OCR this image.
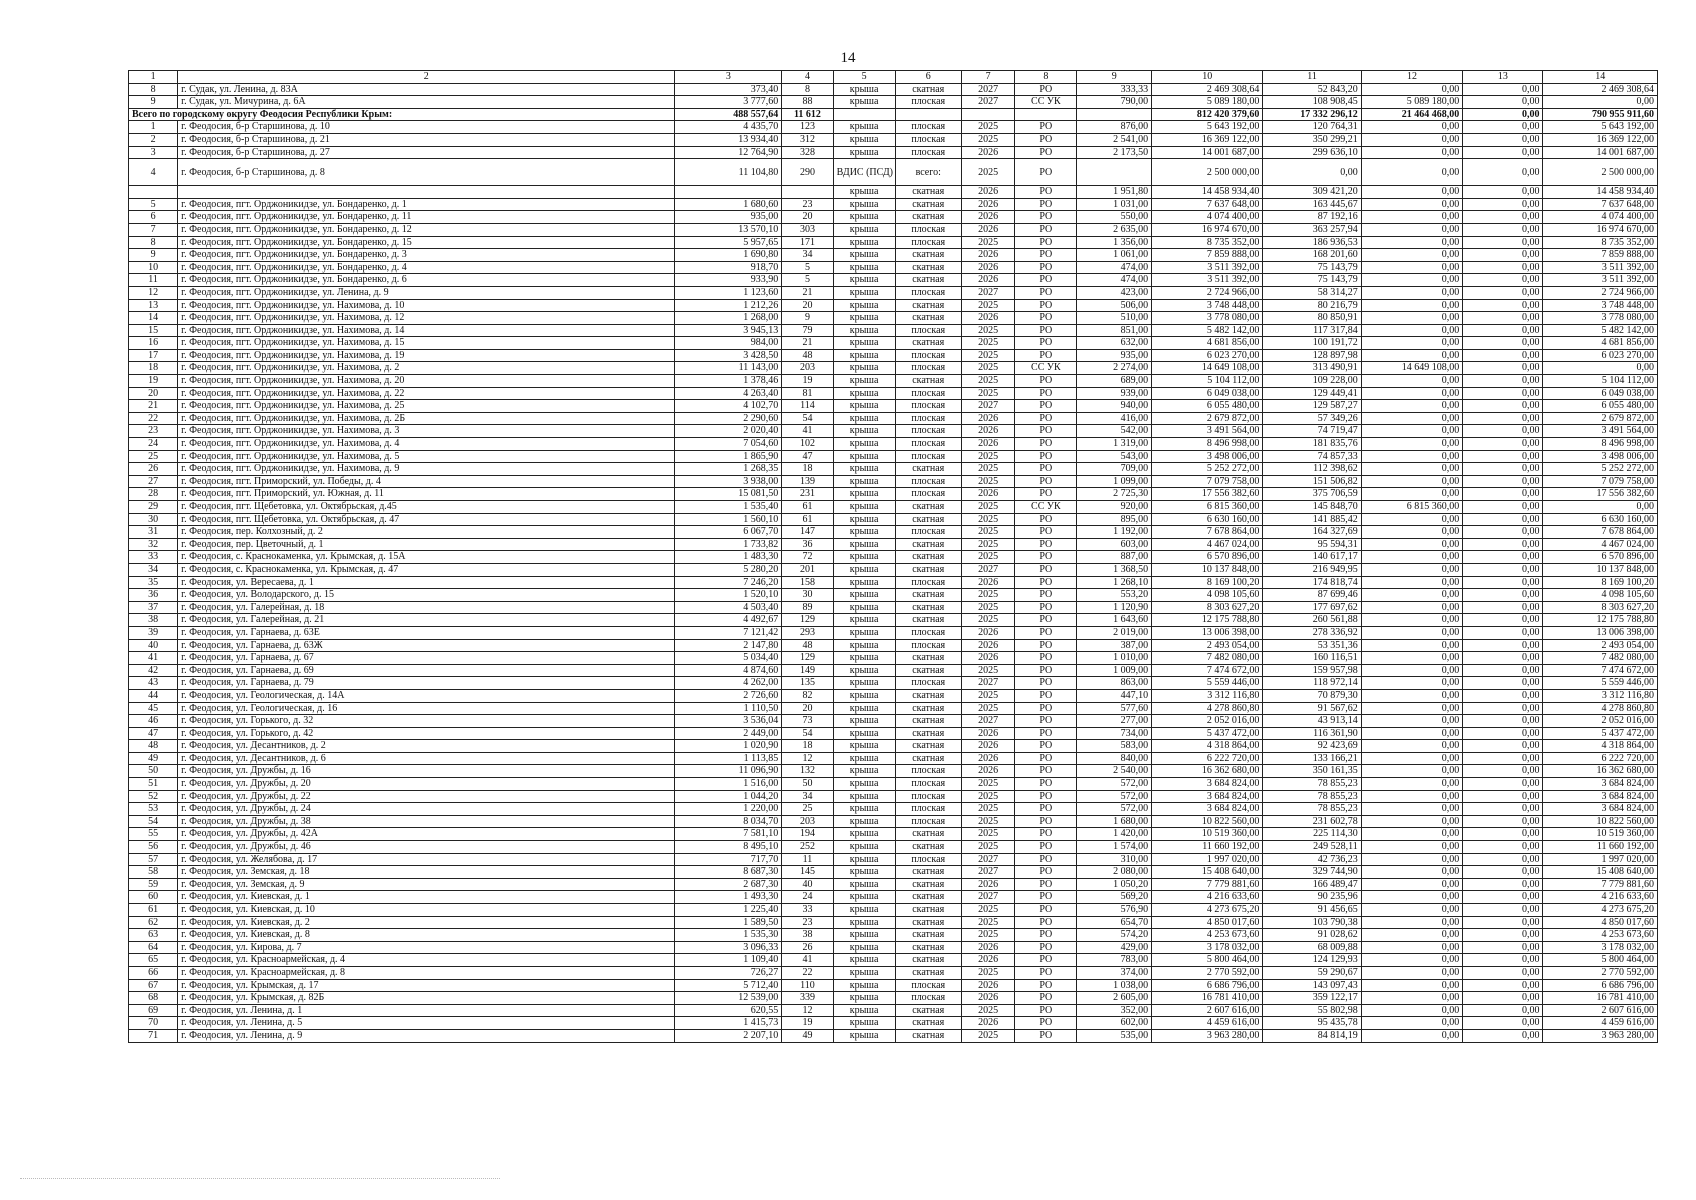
14
1	2	3	4	5	6	7	8	9	10	11	12	13	14
8	г. Судак, ул. Ленина, д. 83А	373,40	8	крыша	скатная	2027	РО	333,33	2 469 308,64	52 843,20	0,00	0,00	2 469 308,64
9	г. Судак, ул. Мичурина, д. 6А	3 777,60	88	крыша	плоская	2027	СС УК	790,00	5 089 180,00	108 908,45	5 089 180,00	0,00	0,00
Всего по городскому округу Феодосия Республики Крым:		488 557,64	11 612						812 420 379,60	17 332 296,12	21 464 468,00	0,00	790 955 911,60
1	г. Феодосия, б-р Старшинова, д. 10	4 435,70	123	крыша	плоская	2025	РО	876,00	5 643 192,00	120 764,31	0,00	0,00	5 643 192,00
2	г. Феодосия, б-р Старшинова, д. 21	13 934,40	312	крыша	плоская	2025	РО	2 541,00	16 369 122,00	350 299,21	0,00	0,00	16 369 122,00
3	г. Феодосия, б-р Старшинова, д. 27	12 764,90	328	крыша	плоская	2026	РО	2 173,50	14 001 687,00	299 636,10	0,00	0,00	14 001 687,00
4	г. Феодосия, б-р Старшинова, д. 8	11 104,80	290	ВДИС (ПСД)	всего:	2025	РО		2 500 000,00	0,00	0,00	0,00	2 500 000,00
				крыша	скатная	2026	РО	1 951,80	14 458 934,40	309 421,20	0,00	0,00	14 458 934,40
5	г. Феодосия, пгт. Орджоникидзе, ул. Бондаренко, д. 1	1 680,60	23	крыша	скатная	2026	РО	1 031,00	7 637 648,00	163 445,67	0,00	0,00	7 637 648,00
6	г. Феодосия, пгт. Орджоникидзе, ул. Бондаренко, д. 11	935,00	20	крыша	скатная	2026	РО	550,00	4 074 400,00	87 192,16	0,00	0,00	4 074 400,00
7	г. Феодосия, пгт. Орджоникидзе, ул. Бондаренко, д. 12	13 570,10	303	крыша	плоская	2026	РО	2 635,00	16 974 670,00	363 257,94	0,00	0,00	16 974 670,00
8	г. Феодосия, пгт. Орджоникидзе, ул. Бондаренко, д. 15	5 957,65	171	крыша	плоская	2025	РО	1 356,00	8 735 352,00	186 936,53	0,00	0,00	8 735 352,00
9	г. Феодосия, пгт. Орджоникидзе, ул. Бондаренко, д. 3	1 690,80	34	крыша	скатная	2026	РО	1 061,00	7 859 888,00	168 201,60	0,00	0,00	7 859 888,00
10	г. Феодосия, пгт. Орджоникидзе, ул. Бондаренко, д. 4	918,70	5	крыша	скатная	2026	РО	474,00	3 511 392,00	75 143,79	0,00	0,00	3 511 392,00
11	г. Феодосия, пгт. Орджоникидзе, ул. Бондаренко, д. 6	933,90	5	крыша	скатная	2026	РО	474,00	3 511 392,00	75 143,79	0,00	0,00	3 511 392,00
12	г. Феодосия, пгт. Орджоникидзе, ул. Ленина, д. 9	1 123,60	21	крыша	плоская	2027	РО	423,00	2 724 966,00	58 314,27	0,00	0,00	2 724 966,00
13	г. Феодосия, пгт. Орджоникидзе, ул. Нахимова, д. 10	1 212,26	20	крыша	скатная	2025	РО	506,00	3 748 448,00	80 216,79	0,00	0,00	3 748 448,00
14	г. Феодосия, пгт. Орджоникидзе, ул. Нахимова, д. 12	1 268,00	9	крыша	скатная	2026	РО	510,00	3 778 080,00	80 850,91	0,00	0,00	3 778 080,00
15	г. Феодосия, пгт. Орджоникидзе, ул. Нахимова, д. 14	3 945,13	79	крыша	плоская	2025	РО	851,00	5 482 142,00	117 317,84	0,00	0,00	5 482 142,00
16	г. Феодосия, пгт. Орджоникидзе, ул. Нахимова, д. 15	984,00	21	крыша	скатная	2025	РО	632,00	4 681 856,00	100 191,72	0,00	0,00	4 681 856,00
17	г. Феодосия, пгт. Орджоникидзе, ул. Нахимова, д. 19	3 428,50	48	крыша	плоская	2025	РО	935,00	6 023 270,00	128 897,98	0,00	0,00	6 023 270,00
18	г. Феодосия, пгт. Орджоникидзе, ул. Нахимова, д. 2	11 143,00	203	крыша	плоская	2025	СС УК	2 274,00	14 649 108,00	313 490,91	14 649 108,00	0,00	0,00
19	г. Феодосия, пгт. Орджоникидзе, ул. Нахимова, д. 20	1 378,46	19	крыша	скатная	2025	РО	689,00	5 104 112,00	109 228,00	0,00	0,00	5 104 112,00
20	г. Феодосия, пгт. Орджоникидзе, ул. Нахимова, д. 22	4 263,40	81	крыша	плоская	2025	РО	939,00	6 049 038,00	129 449,41	0,00	0,00	6 049 038,00
21	г. Феодосия, пгт. Орджоникидзе, ул. Нахимова, д. 25	4 102,70	114	крыша	плоская	2027	РО	940,00	6 055 480,00	129 587,27	0,00	0,00	6 055 480,00
22	г. Феодосия, пгт. Орджоникидзе, ул. Нахимова, д. 2Б	2 290,60	54	крыша	плоская	2026	РО	416,00	2 679 872,00	57 349,26	0,00	0,00	2 679 872,00
23	г. Феодосия, пгт. Орджоникидзе, ул. Нахимова, д. 3	2 020,40	41	крыша	плоская	2026	РО	542,00	3 491 564,00	74 719,47	0,00	0,00	3 491 564,00
24	г. Феодосия, пгт. Орджоникидзе, ул. Нахимова, д. 4	7 054,60	102	крыша	плоская	2026	РО	1 319,00	8 496 998,00	181 835,76	0,00	0,00	8 496 998,00
25	г. Феодосия, пгт. Орджоникидзе, ул. Нахимова, д. 5	1 865,90	47	крыша	плоская	2025	РО	543,00	3 498 006,00	74 857,33	0,00	0,00	3 498 006,00
26	г. Феодосия, пгт. Орджоникидзе, ул. Нахимова, д. 9	1 268,35	18	крыша	скатная	2025	РО	709,00	5 252 272,00	112 398,62	0,00	0,00	5 252 272,00
27	г. Феодосия, пгт. Приморский, ул. Победы, д. 4	3 938,00	139	крыша	плоская	2025	РО	1 099,00	7 079 758,00	151 506,82	0,00	0,00	7 079 758,00
28	г. Феодосия, пгт. Приморский, ул. Южная, д. 11	15 081,50	231	крыша	плоская	2026	РО	2 725,30	17 556 382,60	375 706,59	0,00	0,00	17 556 382,60
29	г. Феодосия, пгт. Щебетовка, ул. Октябрьская, д.45	1 535,40	61	крыша	скатная	2025	СС УК	920,00	6 815 360,00	145 848,70	6 815 360,00	0,00	0,00
30	г. Феодосия, пгт. Щебетовка, ул. Октябрьская, д. 47	1 560,10	61	крыша	скатная	2025	РО	895,00	6 630 160,00	141 885,42	0,00	0,00	6 630 160,00
31	г. Феодосия, пер. Колхозный, д. 2	6 067,70	147	крыша	плоская	2025	РО	1 192,00	7 678 864,00	164 327,69	0,00	0,00	7 678 864,00
32	г. Феодосия, пер. Цветочный, д. 1	1 733,82	36	крыша	скатная	2025	РО	603,00	4 467 024,00	95 594,31	0,00	0,00	4 467 024,00
33	г. Феодосия, с. Краснокаменка, ул. Крымская, д. 15А	1 483,30	72	крыша	скатная	2025	РО	887,00	6 570 896,00	140 617,17	0,00	0,00	6 570 896,00
34	г. Феодосия, с. Краснокаменка, ул. Крымская, д. 47	5 280,20	201	крыша	скатная	2027	РО	1 368,50	10 137 848,00	216 949,95	0,00	0,00	10 137 848,00
35	г. Феодосия, ул. Вересаева, д. 1	7 246,20	158	крыша	плоская	2026	РО	1 268,10	8 169 100,20	174 818,74	0,00	0,00	8 169 100,20
36	г. Феодосия, ул. Володарского, д. 15	1 520,10	30	крыша	скатная	2025	РО	553,20	4 098 105,60	87 699,46	0,00	0,00	4 098 105,60
37	г. Феодосия, ул. Галерейная, д. 18	4 503,40	89	крыша	скатная	2025	РО	1 120,90	8 303 627,20	177 697,62	0,00	0,00	8 303 627,20
38	г. Феодосия, ул. Галерейная, д. 21	4 492,67	129	крыша	скатная	2025	РО	1 643,60	12 175 788,80	260 561,88	0,00	0,00	12 175 788,80
39	г. Феодосия, ул. Гарнаева, д. 63Е	7 121,42	293	крыша	плоская	2026	РО	2 019,00	13 006 398,00	278 336,92	0,00	0,00	13 006 398,00
40	г. Феодосия, ул. Гарнаева, д. 63Ж	2 147,80	48	крыша	плоская	2026	РО	387,00	2 493 054,00	53 351,36	0,00	0,00	2 493 054,00
41	г. Феодосия, ул. Гарнаева, д. 67	5 034,40	129	крыша	скатная	2026	РО	1 010,00	7 482 080,00	160 116,51	0,00	0,00	7 482 080,00
42	г. Феодосия, ул. Гарнаева, д. 69	4 874,60	149	крыша	скатная	2025	РО	1 009,00	7 474 672,00	159 957,98	0,00	0,00	7 474 672,00
43	г. Феодосия, ул. Гарнаева, д. 79	4 262,00	135	крыша	плоская	2027	РО	863,00	5 559 446,00	118 972,14	0,00	0,00	5 559 446,00
44	г. Феодосия, ул. Геологическая, д. 14А	2 726,60	82	крыша	скатная	2025	РО	447,10	3 312 116,80	70 879,30	0,00	0,00	3 312 116,80
45	г. Феодосия, ул. Геологическая, д. 16	1 110,50	20	крыша	скатная	2025	РО	577,60	4 278 860,80	91 567,62	0,00	0,00	4 278 860,80
46	г. Феодосия, ул. Горького, д. 32	3 536,04	73	крыша	скатная	2027	РО	277,00	2 052 016,00	43 913,14	0,00	0,00	2 052 016,00
47	г. Феодосия, ул. Горького, д. 42	2 449,00	54	крыша	скатная	2026	РО	734,00	5 437 472,00	116 361,90	0,00	0,00	5 437 472,00
48	г. Феодосия, ул. Десантников, д. 2	1 020,90	18	крыша	скатная	2026	РО	583,00	4 318 864,00	92 423,69	0,00	0,00	4 318 864,00
49	г. Феодосия, ул. Десантников, д. 6	1 113,85	12	крыша	скатная	2026	РО	840,00	6 222 720,00	133 166,21	0,00	0,00	6 222 720,00
50	г. Феодосия, ул. Дружбы, д. 16	11 096,90	132	крыша	плоская	2026	РО	2 540,00	16 362 680,00	350 161,35	0,00	0,00	16 362 680,00
51	г. Феодосия, ул. Дружбы, д. 20	1 516,00	50	крыша	плоская	2025	РО	572,00	3 684 824,00	78 855,23	0,00	0,00	3 684 824,00
52	г. Феодосия, ул. Дружбы, д. 22	1 044,20	34	крыша	плоская	2025	РО	572,00	3 684 824,00	78 855,23	0,00	0,00	3 684 824,00
53	г. Феодосия, ул. Дружбы, д. 24	1 220,00	25	крыша	плоская	2025	РО	572,00	3 684 824,00	78 855,23	0,00	0,00	3 684 824,00
54	г. Феодосия, ул. Дружбы, д. 38	8 034,70	203	крыша	плоская	2025	РО	1 680,00	10 822 560,00	231 602,78	0,00	0,00	10 822 560,00
55	г. Феодосия, ул. Дружбы, д. 42А	7 581,10	194	крыша	скатная	2025	РО	1 420,00	10 519 360,00	225 114,30	0,00	0,00	10 519 360,00
56	г. Феодосия, ул. Дружбы, д. 46	8 495,10	252	крыша	скатная	2025	РО	1 574,00	11 660 192,00	249 528,11	0,00	0,00	11 660 192,00
57	г. Феодосия, ул. Желябова, д. 17	717,70	11	крыша	плоская	2027	РО	310,00	1 997 020,00	42 736,23	0,00	0,00	1 997 020,00
58	г. Феодосия, ул. Земская, д. 18	8 687,30	145	крыша	скатная	2027	РО	2 080,00	15 408 640,00	329 744,90	0,00	0,00	15 408 640,00
59	г. Феодосия, ул. Земская, д. 9	2 687,30	40	крыша	скатная	2026	РО	1 050,20	7 779 881,60	166 489,47	0,00	0,00	7 779 881,60
60	г. Феодосия, ул. Киевская, д. 1	1 493,30	24	крыша	скатная	2027	РО	569,20	4 216 633,60	90 235,96	0,00	0,00	4 216 633,60
61	г. Феодосия, ул. Киевская, д. 10	1 225,40	33	крыша	скатная	2025	РО	576,90	4 273 675,20	91 456,65	0,00	0,00	4 273 675,20
62	г. Феодосия, ул. Киевская, д. 2	1 589,50	23	крыша	скатная	2025	РО	654,70	4 850 017,60	103 790,38	0,00	0,00	4 850 017,60
63	г. Феодосия, ул. Киевская, д. 8	1 535,30	38	крыша	скатная	2025	РО	574,20	4 253 673,60	91 028,62	0,00	0,00	4 253 673,60
64	г. Феодосия, ул. Кирова, д. 7	3 096,33	26	крыша	скатная	2026	РО	429,00	3 178 032,00	68 009,88	0,00	0,00	3 178 032,00
65	г. Феодосия, ул. Красноармейская, д. 4	1 109,40	41	крыша	скатная	2026	РО	783,00	5 800 464,00	124 129,93	0,00	0,00	5 800 464,00
66	г. Феодосия, ул. Красноармейская, д. 8	726,27	22	крыша	скатная	2025	РО	374,00	2 770 592,00	59 290,67	0,00	0,00	2 770 592,00
67	г. Феодосия, ул. Крымская, д. 17	5 712,40	110	крыша	плоская	2026	РО	1 038,00	6 686 796,00	143 097,43	0,00	0,00	6 686 796,00
68	г. Феодосия, ул. Крымская, д. 82Б	12 539,00	339	крыша	плоская	2026	РО	2 605,00	16 781 410,00	359 122,17	0,00	0,00	16 781 410,00
69	г. Феодосия, ул. Ленина, д. 1	620,55	12	крыша	скатная	2025	РО	352,00	2 607 616,00	55 802,98	0,00	0,00	2 607 616,00
70	г. Феодосия, ул. Ленина, д. 5	1 415,73	19	крыша	скатная	2026	РО	602,00	4 459 616,00	95 435,78	0,00	0,00	4 459 616,00
71	г. Феодосия, ул. Ленина, д. 9	2 207,10	49	крыша	скатная	2025	РО	535,00	3 963 280,00	84 814,19	0,00	0,00	3 963 280,00
